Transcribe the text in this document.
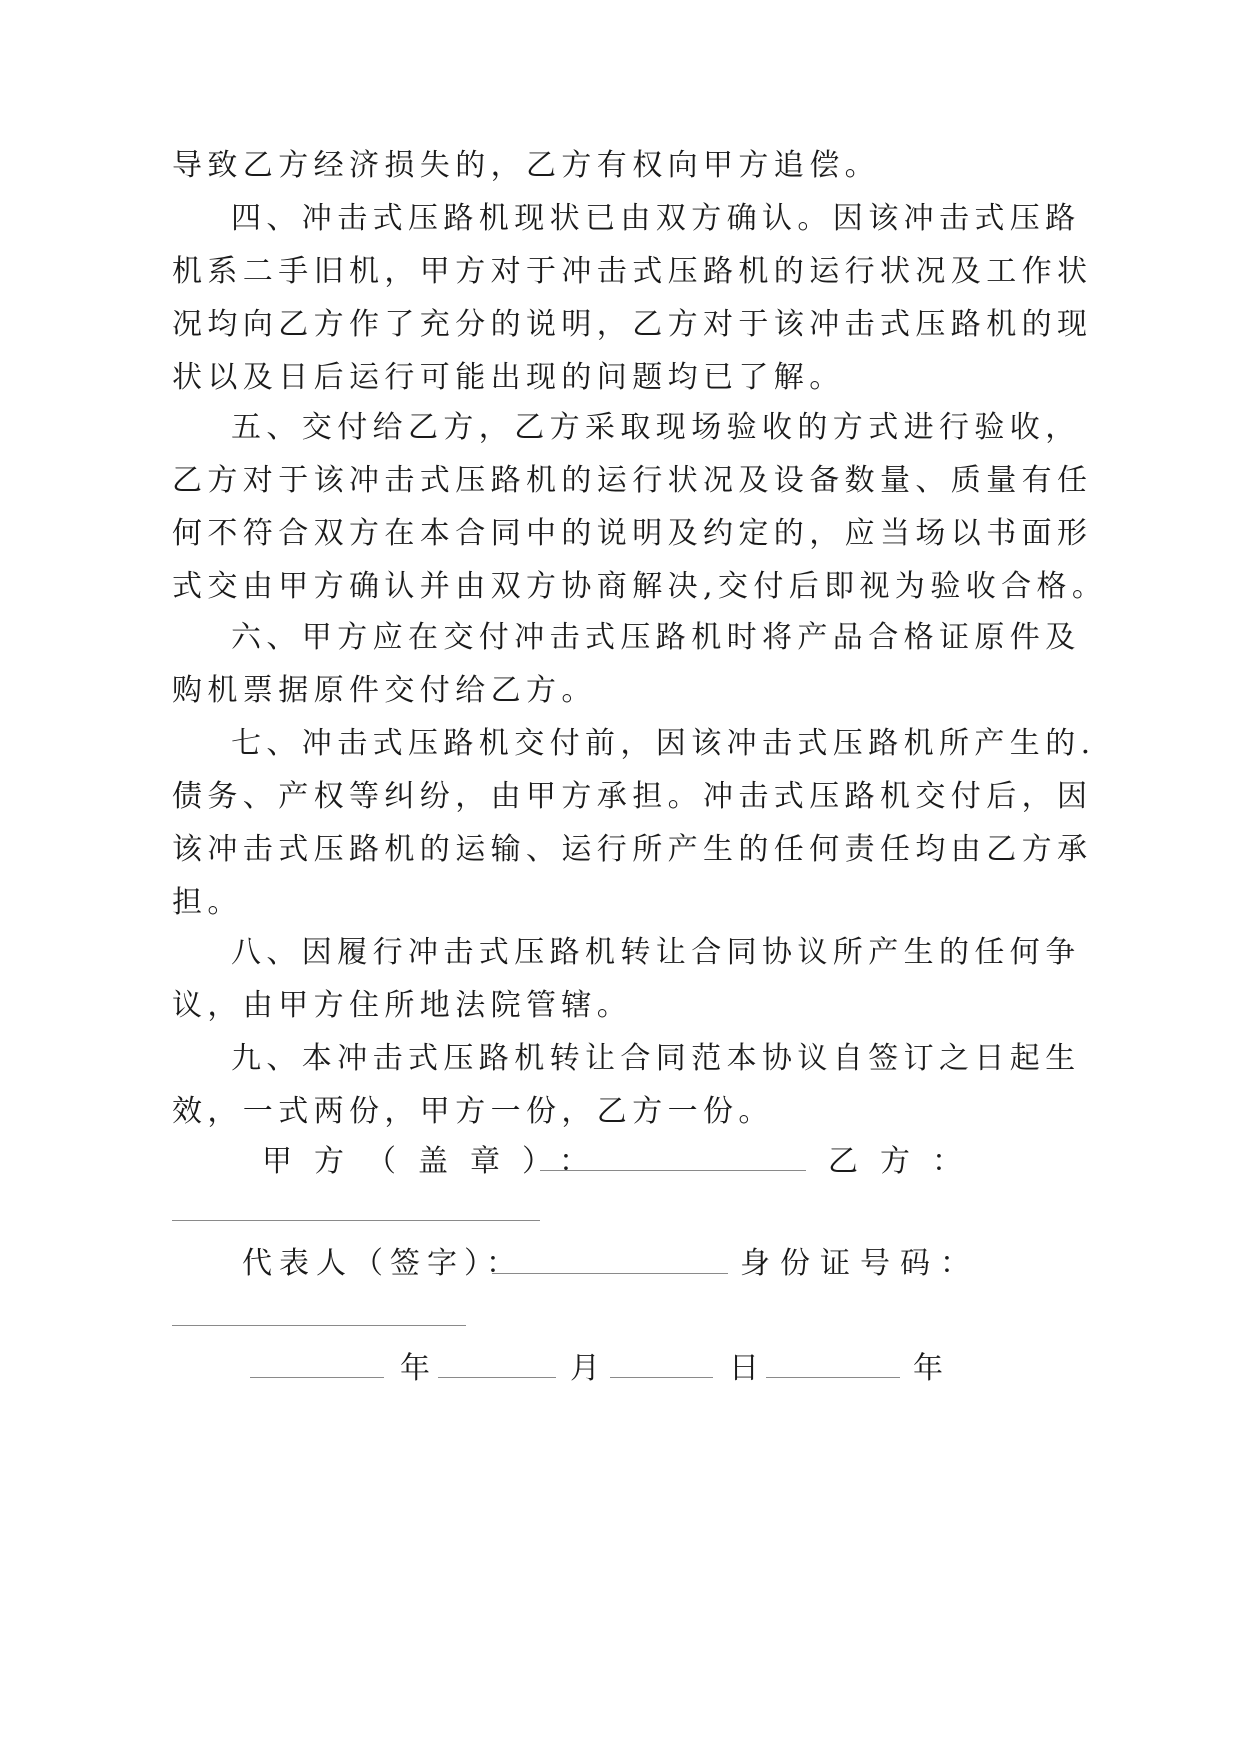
导致乙方经济损失的，乙方有权向甲方追偿。
四、冲击式压路机现状已由双方确认。因该冲击式压路
机系二手旧机，甲方对于冲击式压路机的运行状况及工作状
况均向乙方作了充分的说明，乙方对于该冲击式压路机的现
状以及日后运行可能出现的问题均已了解。
五、交付给乙方，乙方采取现场验收的方式进行验收，
乙方对于该冲击式压路机的运行状况及设备数量、质量有任
何不符合双方在本合同中的说明及约定的，应当场以书面形
式交由甲方确认并由双方协商解决,交付后即视为验收合格。
六、甲方应在交付冲击式压路机时将产品合格证原件及
购机票据原件交付给乙方。
七、冲击式压路机交付前，因该冲击式压路机所产生的.
债务、产权等纠纷，由甲方承担。冲击式压路机交付后，因
该冲击式压路机的运输、运行所产生的任何责任均由乙方承
担。
八、因履行冲击式压路机转让合同协议所产生的任何争
议，由甲方住所地法院管辖。
九、本冲击式压路机转让合同范本协议自签订之日起生
效，一式两份，甲方一份，乙方一份。
甲方（盖章）：	乙方：
代表人（签字）：	身份证号码：
年	月	日	年
